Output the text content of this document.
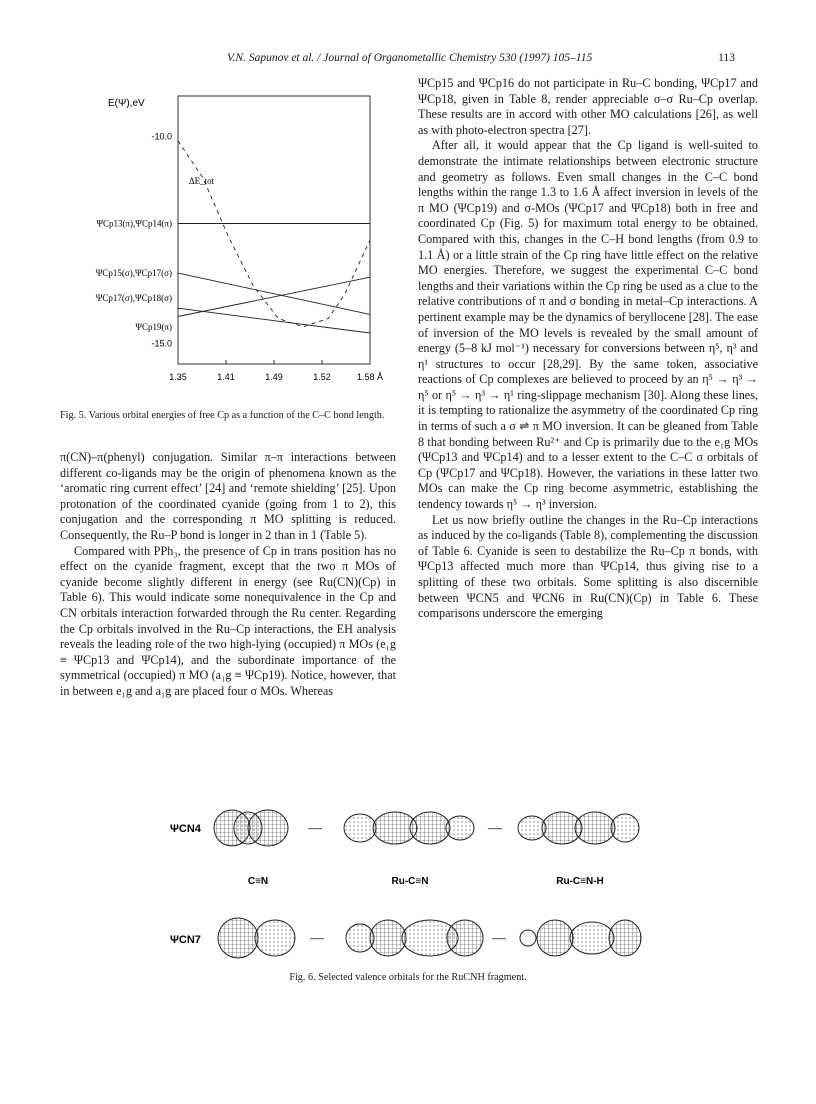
V.N. Sapunov et al. / Journal of Organometallic Chemistry 530 (1997) 105–115	113
E(Ψ),eV
-10.0
-15.0
1.35	1.41	1.49	1.52	1.58 Å
ΨCp13(π),ΨCp14(π)
ΨCp15(σ),ΨCp17(σ)
ΨCp17(σ),ΨCp18(σ)
ΨCp19(π)
ΔE_tot
Fig. 5. Various orbital energies of free Cp as a function of the C–C bond length.

π(CN)–π(phenyl) conjugation. Similar π–π interactions between different co-ligands may be the origin of phenomena known as the ‘aromatic ring current effect’ [24] and ‘remote shielding’ [25]. Upon protonation of the coordinated cyanide (going from 1 to 2), this conjugation and the corresponding π MO splitting is reduced. Consequently, the Ru–P bond is longer in 2 than in 1 (Table 5).

Compared with PPh₃, the presence of Cp in trans position has no effect on the cyanide fragment, except that the two π MOs of cyanide become slightly different in energy (see Ru(CN)(Cp) in Table 6). This would indicate some nonequivalence in the Cp and CN orbitals interaction forwarded through the Ru center. Regarding the Cp orbitals involved in the Ru–Cp interactions, the EH analysis reveals the leading role of the two high-lying (occupied) π MOs (e₁g ≡ ΨCp13 and ΨCp14), and the subordinate importance of the symmetrical (occupied) π MO (a₁g ≡ ΨCp19). Notice, however, that in between e₁g and a₁g are placed four σ MOs. Whereas

ΨCp15 and ΨCp16 do not participate in Ru–C bonding, ΨCp17 and ΨCp18, given in Table 8, render appreciable σ–σ Ru–Cp overlap. These results are in accord with other MO calculations [26], as well as with photo-electron spectra [27].

After all, it would appear that the Cp ligand is well-suited to demonstrate the intimate relationships between electronic structure and geometry as follows. Even small changes in the C–C bond lengths within the range 1.3 to 1.6 Å affect inversion in levels of the π MO (ΨCp19) and σ-MOs (ΨCp17 and ΨCp18) both in free and coordinated Cp (Fig. 5) for maximum total energy to be obtained. Compared with this, changes in the C–H bond lengths (from 0.9 to 1.1 Å) or a little strain of the Cp ring have little effect on the relative MO energies. Therefore, we suggest the experimental C–C bond lengths and their variations within the Cp ring be used as a clue to the relative contributions of π and σ bonding in metal–Cp interactions. A pertinent example may be the dynamics of beryllocene [28]. The ease of inversion of the MO levels is revealed by the small amount of energy (5–8 kJ mol⁻¹) necessary for conversions between η⁵, η³ and η¹ structures to occur [28,29]. By the same token, associative reactions of Cp complexes are believed to proceed by an η⁵ → η³ → η⁵ or η⁵ → η³ → η¹ ring-slippage mechanism [30]. Along these lines, it is tempting to rationalize the asymmetry of the coordinated Cp ring in terms of such a σ ⇌ π MO inversion. It can be gleaned from Table 8 that bonding between Ru²⁺ and Cp is primarily due to the e₁g MOs (ΨCp13 and ΨCp14) and to a lesser extent to the C–C σ orbitals of Cp (ΨCp17 and ΨCp18). However, the variations in these latter two MOs can make the Cp ring become asymmetric, establishing the tendency towards η⁵ → η³ inversion.

Let us now briefly outline the changes in the Ru–Cp interactions as induced by the co-ligands (Table 8), complementing the discussion of Table 6. Cyanide is seen to destabilize the Ru–Cp π bonds, with ΨCp13 affected much more than ΨCp14, thus giving rise to a splitting of these two orbitals. Some splitting is also discernible between ΨCN5 and ΨCN6 in Ru(CN)(Cp) in Table 6. These comparisons underscore the emerging

ΨCN4
ΨCN7
—	—
C≡N	Ru-C≡N	Ru-C≡N-H
—	—
Fig. 6. Selected valence orbitals for the RuCNH fragment.
